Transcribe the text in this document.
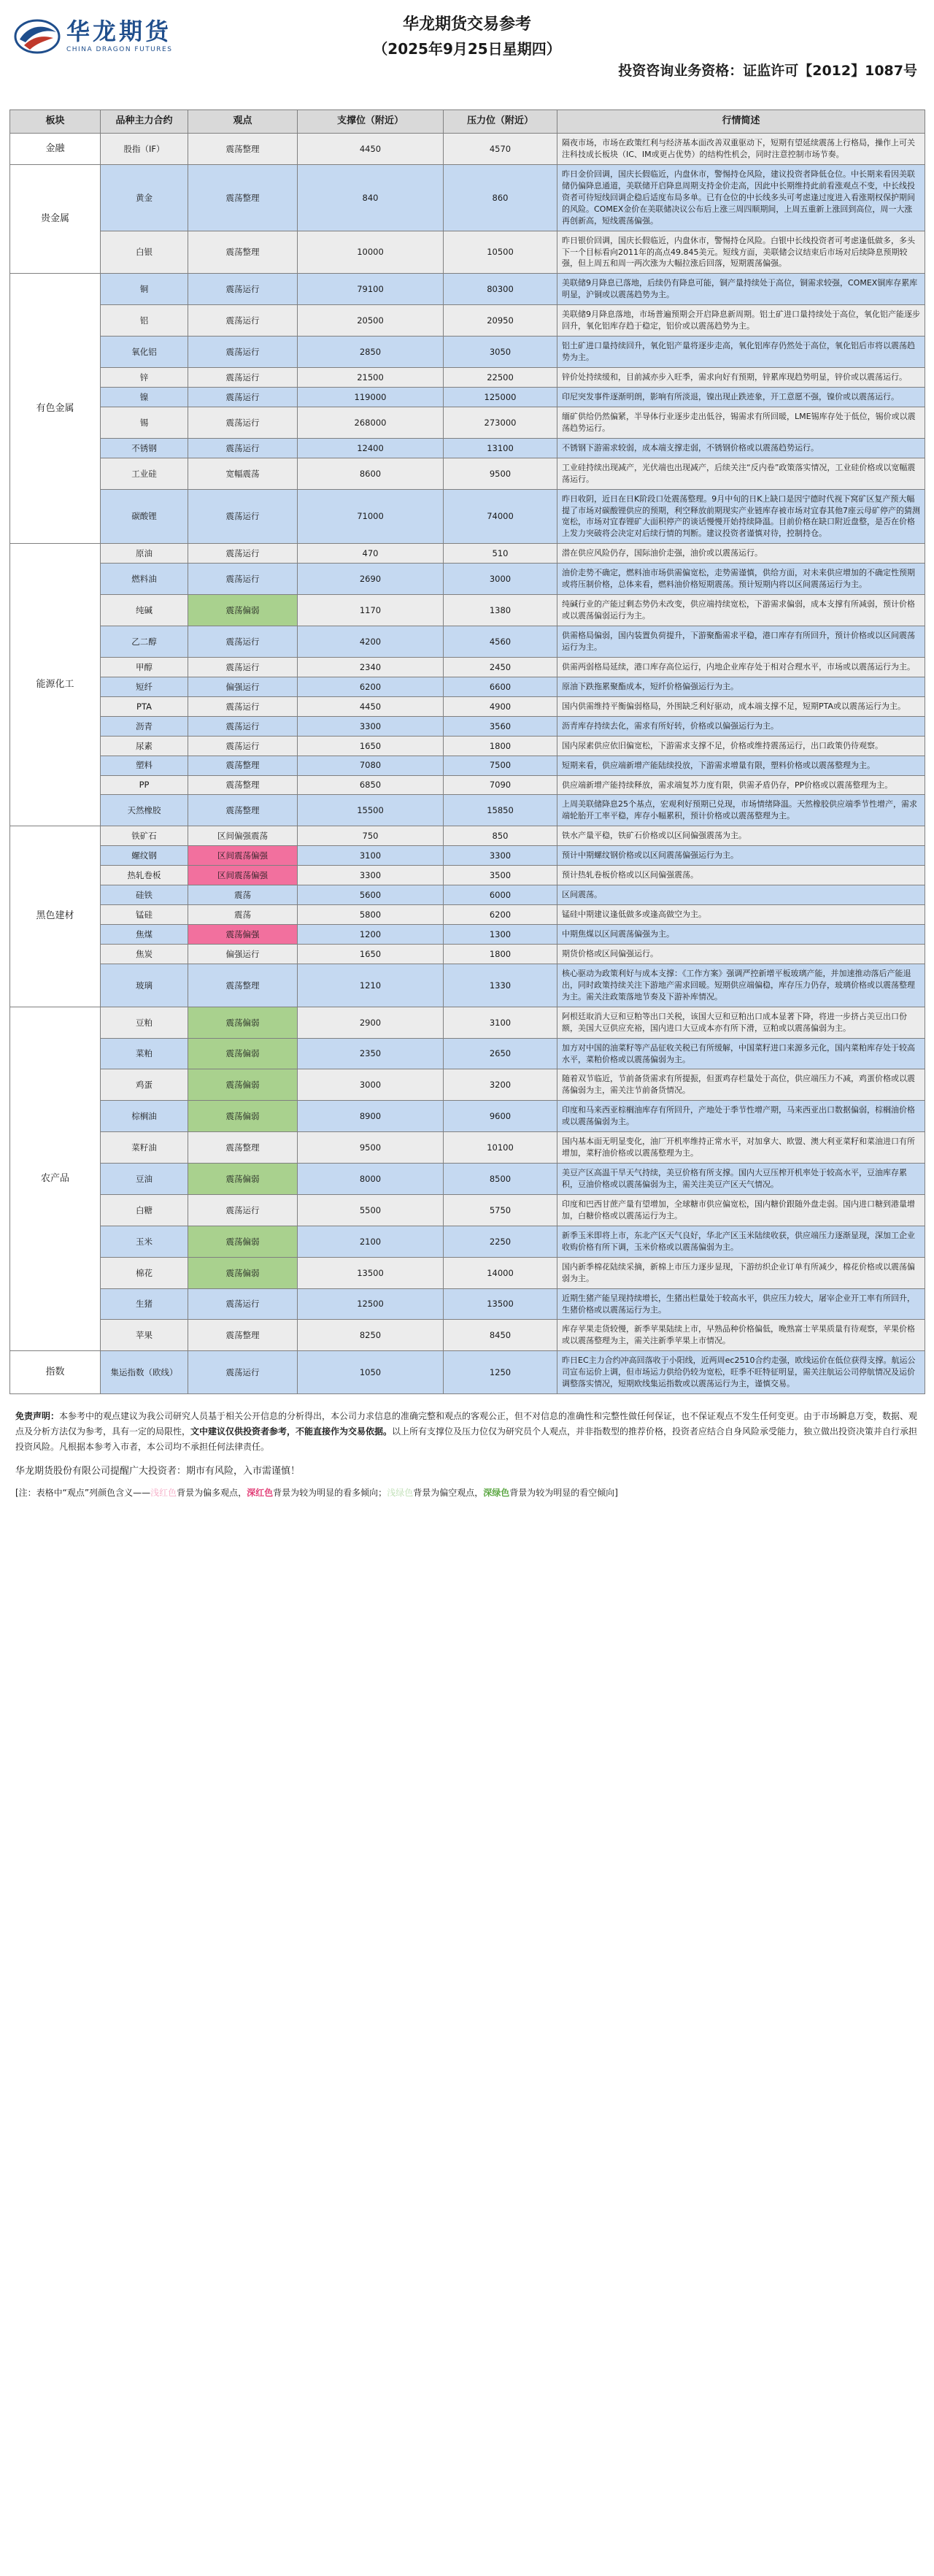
华龙期货
CHINA DRAGON FUTURES
华龙期货交易参考
（2025年9月25日星期四）
投资咨询业务资格：证监许可【2012】1087号
板块	品种主力合约	观点	支撑位（附近）	压力位（附近）	行情简述
金融	股指（IF）	震荡整理	4450	4570	隔夜市场，市场在政策红利与经济基本面改善双重驱动下，短期有望延续震荡上行格局，操作上可关注科技成长板块（IC、IM或更占优势）的结构性机会，同时注意控制市场节奏。
贵金属	黄金	震荡整理	840	860	昨日金价回调，国庆长假临近，内盘休市，警惕持仓风险，建议投资者降低仓位。中长期来看因美联储仍偏降息通道，美联储开启降息周期支持金价走高，因此中长期维持此前看涨观点不变，中长线投资者可待短线回调企稳后适度布局多单。已有仓位的中长线多头可考虑逢过度进入看涨期权保护期间的风险。COMEX金价在美联储决议公布后上涨三周四顺期间，上周五重新上涨回到高位，周一大涨再创新高，短线震荡偏强。
	白银	震荡整理	10000	10500	昨日银价回调，国庆长假临近，内盘休市，警惕持仓风险。白银中长线投资者可考虑逢低做多，多头下一个目标看向2011年的高点49.845美元。短线方面，美联储会议结束后市场对后续降息预期较强，但上周五和周一两次涨为大幅拉涨后回落，短期震荡偏强。
有色金属	铜	震荡运行	79100	80300	美联储9月降息已落地，后续仍有降息可能，铜产量持续处于高位，铜需求较强，COMEX铜库存累库明显，沪铜或以震荡趋势为主。
	铝	震荡运行	20500	20950	美联储9月降息落地，市场普遍预期会开启降息新周期。铝土矿进口量持续处于高位，氧化铝产能逐步回升，氧化铝库存趋于稳定，铝价或以震荡趋势为主。
	氧化铝	震荡运行	2850	3050	铝土矿进口量持续回升，氧化铝产量将逐步走高，氧化铝库存仍然处于高位，氧化铝后市将以震荡趋势为主。
	锌	震荡运行	21500	22500	锌价处持续缓和，目前減亦步入旺季，需求向好有预期，锌累库现趋势明显，锌价或以震荡运行。
	镍	震荡运行	119000	125000	印尼突发事件逐渐明朗，影响有所淡退，镍出现止跌迹象，开工意愿不强，镍价或以震荡运行。
	锡	震荡运行	268000	273000	缅矿供给仍然偏紧，半导体行业逐步走出低谷，锡需求有所回暖，LME锡库存处于低位，锡价或以震荡趋势运行。
	不锈钢	震荡运行	12400	13100	不锈钢下游需求较弱，成本端支撑走弱，不锈钢价格或以震荡趋势运行。
	工业硅	宽幅震荡	8600	9500	工业硅持续出现减产，光伏端也出现减产，后续关注“反内卷”政策落实情况，工业硅价格或以宽幅震荡运行。
	碳酸锂	震荡运行	71000	74000	昨日收阴，近日在日K阶段口处震荡整理。9月中旬的日K上缺口是因宁德时代视下窝矿区复产预大幅提了市场对碳酸锂供应的预期，利空释放前期现实产业链库存被市场对宜春其他7座云母矿停产的猜测宽松，市场对宜春锂矿大面积停产的谈话慢慢开始持续降温。目前价格在缺口附近盘整，是否在价格上发力突破将会决定对后续行情的判断。建议投资者谨慎对待，控制持仓。
能源化工	原油	震荡运行	470	510	潜在供应风险仍存，国际油价走强，油价或以震荡运行。
	燃料油	震荡运行	2690	3000	油价走势不确定，燃料油市场供需偏宽松，走势需谨慎，供给方面，对未来供应增加的不确定性预期或将压制价格，总体来看，燃料油价格短期震荡。预计短期内将以区间震荡运行为主。
	纯碱	震荡偏弱	1170	1380	纯碱行业的产能过剩态势仍未改变，供应端持续宽松，下游需求偏弱，成本支撑有所减弱，预计价格或以震荡偏弱运行为主。
	乙二醇	震荡运行	4200	4560	供需格局偏弱，国内装置负荷提升，下游聚酯需求平稳，港口库存有所回升，预计价格或以区间震荡运行为主。
	甲醇	震荡运行	2340	2450	供需两弱格局延续，港口库存高位运行，内地企业库存处于相对合理水平，市场或以震荡运行为主。
	短纤	偏强运行	6200	6600	原油下跌拖累聚酯成本，短纤价格偏强运行为主。
	PTA	震荡运行	4450	4900	国内供需维持平衡偏弱格局，外围缺乏利好驱动，成本端支撑不足，短期PTA或以震荡运行为主。
	沥青	震荡运行	3300	3560	沥青库存持续去化，需求有所好转，价格或以偏强运行为主。
	尿素	震荡运行	1650	1800	国内尿素供应依旧偏宽松，下游需求支撑不足，价格或维持震荡运行，出口政策仍待观察。
	塑料	震荡整理	7080	7500	短期来看，供应端新增产能陆续投放，下游需求增量有限，塑料价格或以震荡整理为主。
	PP	震荡整理	6850	7090	供应端新增产能持续释放，需求端复苏力度有限，供需矛盾仍存，PP价格或以震荡整理为主。
	天然橡胶	震荡整理	15500	15850	上周美联储降息25个基点，宏观利好预期已兑现，市场情绪降温。天然橡胶供应端季节性增产，需求端轮胎开工率平稳，库存小幅累积，预计价格或以震荡整理为主。
黑色建材	铁矿石	区间偏强震荡	750	850	铁水产量平稳，铁矿石价格或以区间偏强震荡为主。
	螺纹钢	区间震荡偏强	3100	3300	预计中期螺纹钢价格或以区间震荡偏强运行为主。
	热轧卷板	区间震荡偏强	3300	3500	预计热轧卷板价格或以区间偏强震荡。
	硅铁	震荡	5600	6000	区间震荡。
	锰硅	震荡	5800	6200	锰硅中期建议逢低做多或逢高做空为主。
	焦煤	震荡偏强	1200	1300	中期焦煤以区间震荡偏强为主。
	焦炭	偏强运行	1650	1800	期货价格或区间偏强运行。
	玻璃	震荡整理	1210	1330	核心驱动为政策利好与成本支撑：《工作方案》强调严控新增平板玻璃产能，并加速推动落后产能退出，同时政策持续关注下游地产需求回暖。短期供应端偏稳，库存压力仍存，玻璃价格或以震荡整理为主。需关注政策落地节奏及下游补库情况。
农产品	豆粕	震荡偏弱	2900	3100	阿根廷取消大豆和豆粕等出口关税，该国大豆和豆粕出口成本显著下降，将进一步挤占美豆出口份额，美国大豆供应充裕，国内进口大豆成本亦有所下滑，豆粕或以震荡偏弱为主。
	菜粕	震荡偏弱	2350	2650	加方对中国的油菜籽等产品征收关税已有所缓解，中国菜籽进口来源多元化，国内菜粕库存处于较高水平，菜粕价格或以震荡偏弱为主。
	鸡蛋	震荡偏弱	3000	3200	随着双节临近，节前备货需求有所提振，但蛋鸡存栏量处于高位，供应端压力不减，鸡蛋价格或以震荡偏弱为主，需关注节前备货情况。
	棕榈油	震荡偏弱	8900	9600	印度和马来西亚棕榈油库存有所回升，产地处于季节性增产期，马来西亚出口数据偏弱，棕榈油价格或以震荡偏弱为主。
	菜籽油	震荡整理	9500	10100	国内基本面无明显变化，油厂开机率维持正常水平，对加拿大、欧盟、澳大利亚菜籽和菜油进口有所增加，菜籽油价格或以震荡整理为主。
	豆油	震荡偏弱	8000	8500	美豆产区高温干旱天气持续，美豆价格有所支撑。国内大豆压榨开机率处于较高水平，豆油库存累积，豆油价格或以震荡偏弱为主，需关注美豆产区天气情况。
	白糖	震荡运行	5500	5750	印度和巴西甘蔗产量有望增加，全球糖市供应偏宽松，国内糖价跟随外盘走弱。国内进口糖到港量增加，白糖价格或以震荡运行为主。
	玉米	震荡偏弱	2100	2250	新季玉米即将上市，东北产区天气良好，华北产区玉米陆续收获，供应端压力逐渐显现，深加工企业收购价格有所下调，玉米价格或以震荡偏弱为主。
	棉花	震荡偏弱	13500	14000	国内新季棉花陆续采摘，新棉上市压力逐步显现，下游纺织企业订单有所减少，棉花价格或以震荡偏弱为主。
	生猪	震荡运行	12500	13500	近期生猪产能呈现持续增长，生猪出栏量处于较高水平，供应压力较大，屠宰企业开工率有所回升，生猪价格或以震荡运行为主。
	苹果	震荡整理	8250	8450	库存苹果走货较慢，新季苹果陆续上市，早熟品种价格偏低，晚熟富士苹果质量有待观察，苹果价格或以震荡整理为主，需关注新季苹果上市情况。
指数	集运指数（欧线）	震荡运行	1050	1250	昨日EC主力合约冲高回落收于小阳线，近两周ec2510合约走强，欧线运价在低位获得支撑。航运公司宣布运价上调，但市场运力供给仍较为宽松，旺季不旺特征明显，需关注航运公司停航情况及运价调整落实情况，短期欧线集运指数或以震荡运行为主，谨慎交易。
免责声明：本参考中的观点建议为我公司研究人员基于相关公开信息的分析得出，本公司力求信息的准确完整和观点的客观公正，但不对信息的准确性和完整性做任何保证，也不保证观点不发生任何变更。由于市场瞬息万变，数据、观点及分析方法仅为参考，具有一定的局限性，文中建议仅供投资者参考，不能直接作为交易依据。以上所有支撑位及压力位仅为研究员个人观点，并非指数型的推荐价格，投资者应结合自身风险承受能力，独立做出投资决策并自行承担投资风险。凡根据本参考入市者，本公司均不承担任何法律责任。
华龙期货股份有限公司提醒广大投资者：期市有风险，入市需谨慎！
[注：表格中“观点”列颜色含义——浅红色背景为偏多观点，深红色背景为较为明显的看多倾向；浅绿色背景为偏空观点，深绿色背景为较为明显的看空倾向]
